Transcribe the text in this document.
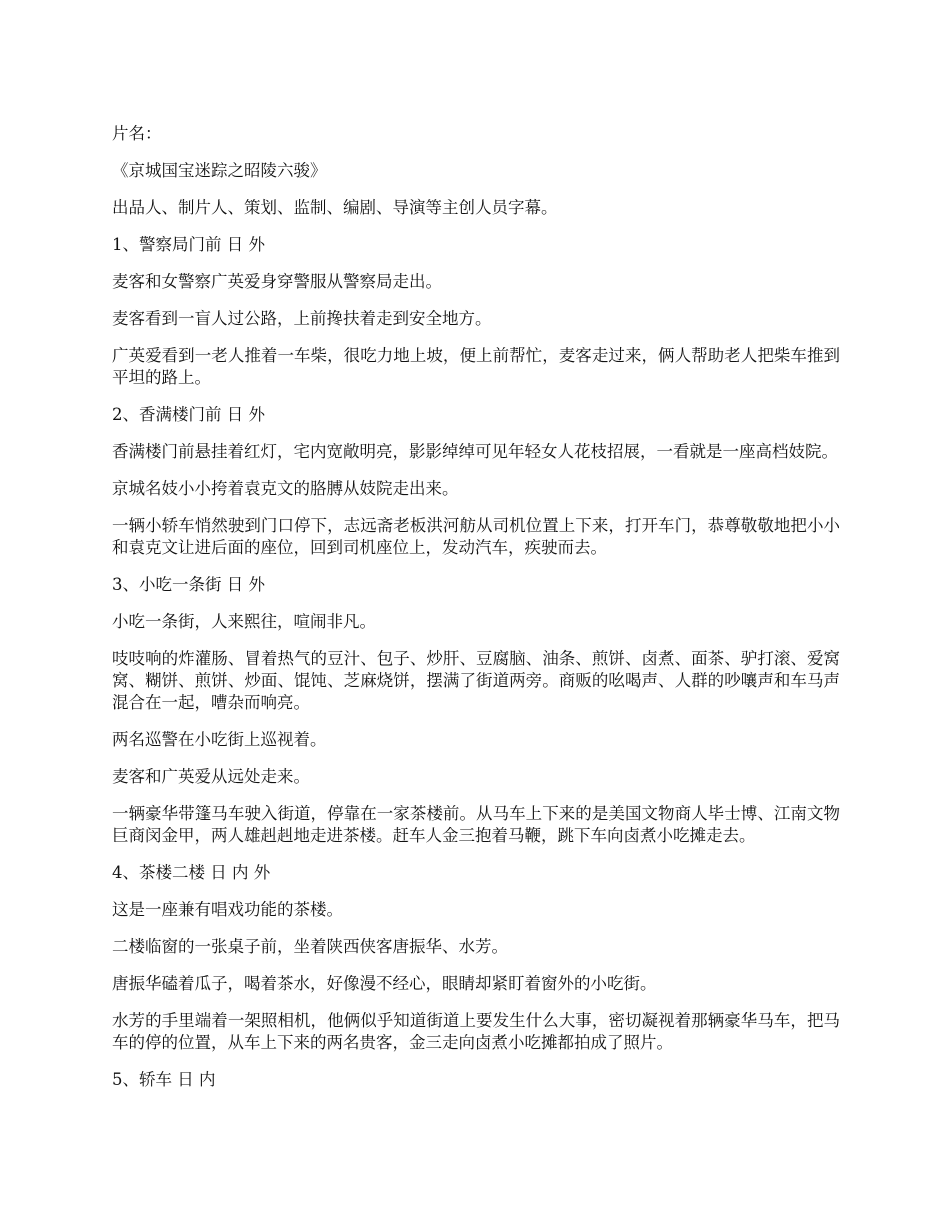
片名：

《京城国宝迷踪之昭陵六骏》

出品人、制片人、策划、监制、编剧、导演等主创人员字幕。

1、警察局门前 日 外

麦客和女警察广英爱身穿警服从警察局走出。

麦客看到一盲人过公路，上前搀扶着走到安全地方。

广英爱看到一老人推着一车柴，很吃力地上坡，便上前帮忙，麦客走过来，俩人帮助老人把柴车推到平坦的路上。

2、香满楼门前 日 外

香满楼门前悬挂着红灯，宅内宽敞明亮，影影绰绰可见年轻女人花枝招展，一看就是一座高档妓院。

京城名妓小小挎着袁克文的胳膊从妓院走出来。

一辆小轿车悄然驶到门口停下，志远斋老板洪河舫从司机位置上下来，打开车门，恭尊敬敬地把小小和袁克文让进后面的座位，回到司机座位上，发动汽车，疾驶而去。

3、小吃一条街 日 外

小吃一条街，人来熙往，喧闹非凡。

吱吱响的炸灌肠、冒着热气的豆汁、包子、炒肝、豆腐脑、油条、煎饼、卤煮、面茶、驴打滚、爱窝窝、糊饼、煎饼、炒面、馄饨、芝麻烧饼，摆满了街道两旁。商贩的吆喝声、人群的吵嚷声和车马声混合在一起，嘈杂而响亮。

两名巡警在小吃街上巡视着。

麦客和广英爱从远处走来。

一辆豪华带篷马车驶入街道，停靠在一家茶楼前。从马车上下来的是美国文物商人毕士博、江南文物巨商闵金甲，两人雄赳赳地走进茶楼。赶车人金三抱着马鞭，跳下车向卤煮小吃摊走去。

4、茶楼二楼 日 内 外

这是一座兼有唱戏功能的茶楼。

二楼临窗的一张桌子前，坐着陕西侠客唐振华、水芳。

唐振华磕着瓜子，喝着茶水，好像漫不经心，眼睛却紧盯着窗外的小吃街。

水芳的手里端着一架照相机，他俩似乎知道街道上要发生什么大事，密切凝视着那辆豪华马车，把马车的停的位置，从车上下来的两名贵客，金三走向卤煮小吃摊都拍成了照片。

5、轿车 日 内
